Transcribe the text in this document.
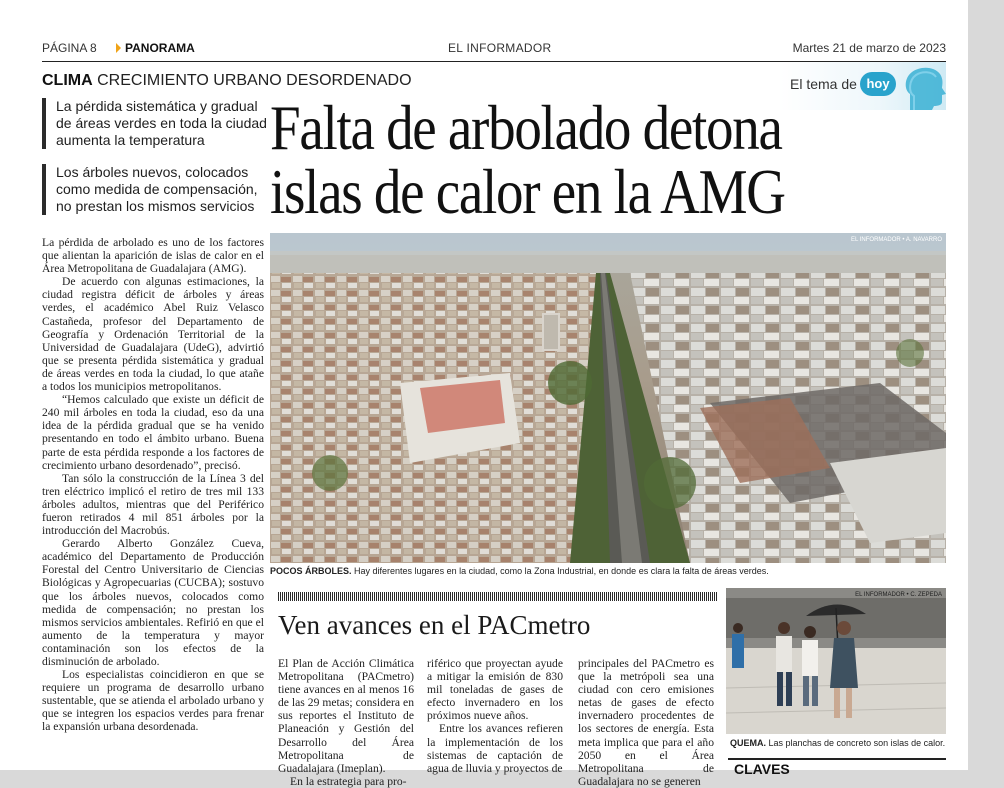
PÁGINA 8 PANORAMA	EL INFORMADOR	Martes 21 de marzo de 2023
CLIMA CRECIMIENTO URBANO DESORDENADO	El tema de hoy
La pérdida sistemática y gradual de áreas verdes en toda la ciudad aumenta la temperatura
Los árboles nuevos, colocados como medida de compensación, no prestan los mismos servicios
Falta de arbolado detona
islas de calor en la AMG
EL INFORMADOR • A. NAVARRO
POCOS ÁRBOLES. Hay diferentes lugares en la ciudad, como la Zona Industrial, en donde es clara la falta de áreas verdes.

La pérdida de arbolado es uno de los factores que alientan la aparición de islas de calor en el Área Metropolitana de Guadalajara (AMG).

De acuerdo con algunas estimaciones, la ciudad registra déficit de árboles y áreas verdes, el académico Abel Ruiz Velasco Castañeda, profesor del Departamento de Geografía y Ordenación Territorial de la Universidad de Guadalajara (UdeG), advirtió que se presenta pérdida sistemática y gradual de áreas verdes en toda la ciudad, lo que atañe a todos los municipios metropolitanos.

“Hemos calculado que existe un déficit de 240 mil árboles en toda la ciudad, eso da una idea de la pérdida gradual que se ha venido presentando en todo el ámbito urbano. Buena parte de esta pérdida responde a los factores de crecimiento urbano desordenado”, precisó.

Tan sólo la construcción de la Línea 3 del tren eléctrico implicó el retiro de tres mil 133 árboles adultos, mientras que del Periférico fueron retirados 4 mil 851 árboles por la introducción del Macrobús.

Gerardo Alberto González Cueva, académico del Departamento de Producción Forestal del Centro Universitario de Ciencias Biológicas y Agropecuarias (CUCBA); sostuvo que los árboles nuevos, colocados como medida de compensación; no prestan los mismos servicios ambientales. Refirió en que el aumento de la temperatura y mayor contaminación son los efectos de la disminución de arbolado.

Los especialistas coincidieron en que se requiere un programa de desarrollo urbano sustentable, que se atienda el arbolado urbano y que se integren los espacios verdes para frenar la expansión urbana desordenada.

Ven avances en el PACmetro

El Plan de Acción Climática Metropolitana (PACmetro) tiene avances en al menos 16 de las 29 metas; considera en sus reportes el Instituto de Planeación y Gestión del Desarrollo del Área Metropolitana de Guadalajara (Imeplan).

En la estrategia para pro-

riférico que proyectan ayude a mitigar la emisión de 830 mil toneladas de gases de efecto invernadero en los próximos nueve años.

Entre los avances refieren la implementación de los sistemas de captación de agua de lluvia y proyectos de

principales del PACmetro es que la metrópoli sea una ciudad con cero emisiones netas de gases de efecto invernadero procedentes de los sectores de energía. Esta meta implica que para el año 2050 en el Área Metropolitana de Guadalajara no se generen

EL INFORMADOR • C. ZEPEDA
QUEMA. Las planchas de concreto son islas de calor.
CLAVES
